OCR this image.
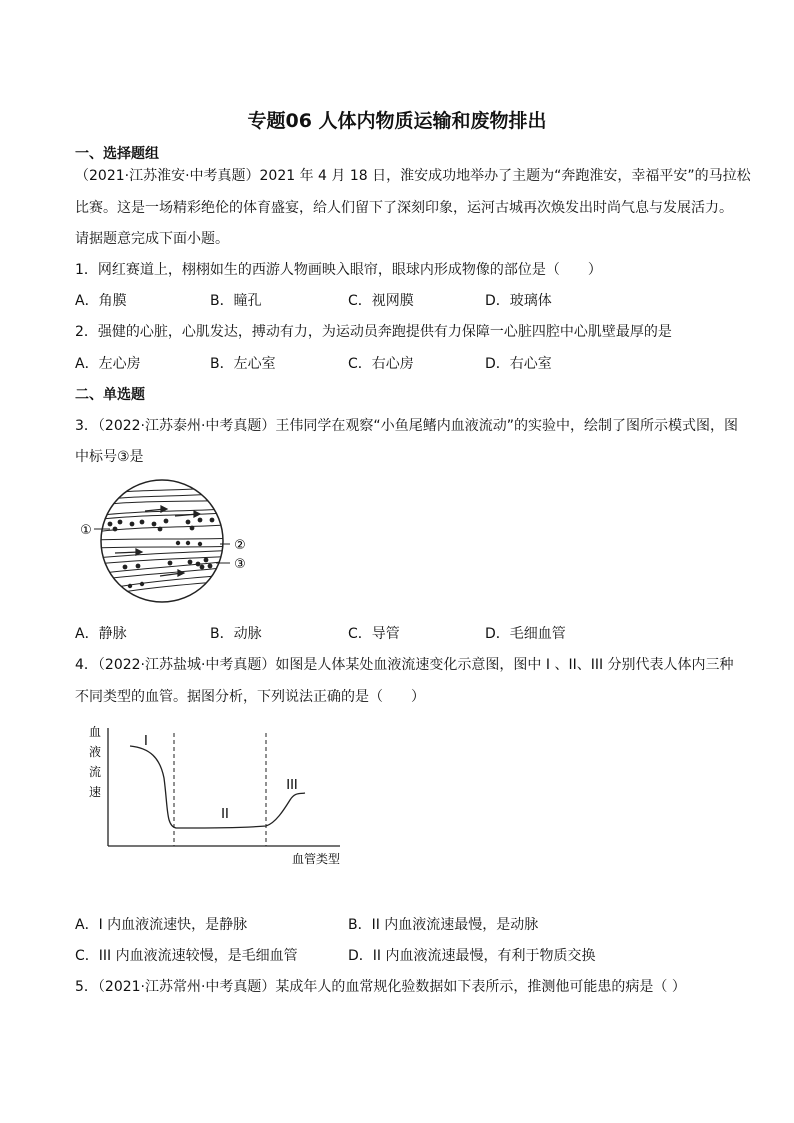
专题06 人体内物质运输和废物排出
一、选择题组
（2021·江苏淮安·中考真题）2021 年 4 月 18 日，淮安成功地举办了主题为“奔跑淮安，幸福平安”的马拉松
比赛。这是一场精彩绝伦的体育盛宴，给人们留下了深刻印象，运河古城再次焕发出时尚气息与发展活力。
请据题意完成下面小题。
1．网红赛道上，栩栩如生的西游人物画映入眼帘，眼球内形成物像的部位是（　　）
A．角膜	B．瞳孔	C．视网膜	D．玻璃体
2．强健的心脏，心肌发达，搏动有力，为运动员奔跑提供有力保障一心脏四腔中心肌壁最厚的是
A．左心房	B．左心室	C．右心房	D．右心室
二、单选题
3．（2022·江苏泰州·中考真题）王伟同学在观察“小鱼尾鳍内血液流动”的实验中，绘制了图所示模式图，图
中标号③是
①
②
③
A．静脉	B．动脉	C．导管	D．毛细血管
4．（2022·江苏盐城·中考真题）如图是人体某处血液流速变化示意图，图中 I 、II、III 分别代表人体内三种
不同类型的血管。据图分析，下列说法正确的是（　　）
血
液
流
速
I
II
III
血管类型
A．I 内血液流速快，是静脉	B．II 内血液流速最慢，是动脉
C．III 内血液流速较慢，是毛细血管	D．II 内血液流速最慢，有利于物质交换
5．（2021·江苏常州·中考真题）某成年人的血常规化验数据如下表所示，推测他可能患的病是（ ）
